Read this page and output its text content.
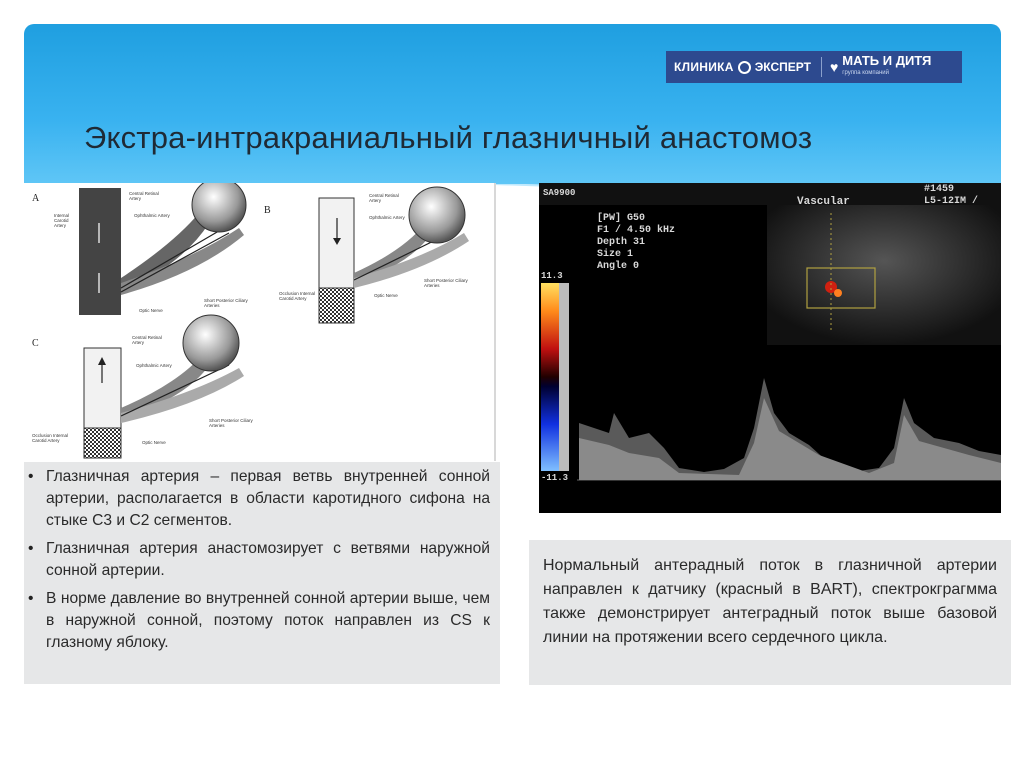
КЛИНИКА ЭКСПЕРТ ♥ МАТЬ И ДИТЯ
группа компаний
Экстра-интракраниальный глазничный анастомоз
A
B
C
Central Retinal Artery
Ophthalmic Artery
Internal Carotid Artery
Short Posterior Ciliary Arteries
Optic Nerve
Central Retinal Artery
Ophthalmic Artery
Short Posterior Ciliary Arteries
Optic Nerve
Occlusion Internal Carotid Artery
Central Retinal Artery
Ophthalmic Artery
Short Posterior Ciliary Arteries
Optic Nerve
Occlusion Internal Carotid Artery
• Глазничная артерия – первая ветвь внутренней сонной артерии, располагается в области каротидного сифона на стыке С3 и С2 сегментов.
• Глазничная артерия анастомозирует с ветвями наружной сонной артерии.
• В норме давление во внутренней сонной артерии выше, чем в наружной сонной, поэтому поток направлен из CS к глазному яблоку.
SA9900
Vascular
#1459
L5-12IM /
[PW] G50
F1 / 4.50 kHz
Depth 31
Size 1
Angle 0
11.3
-11.3

Нормальный антерадный поток в глазничной артерии направлен к датчику (красный в BART), спектрокгрaгмма также демонстрирует антеградный поток выше базовой линии на протяжении всего сердечного цикла.
